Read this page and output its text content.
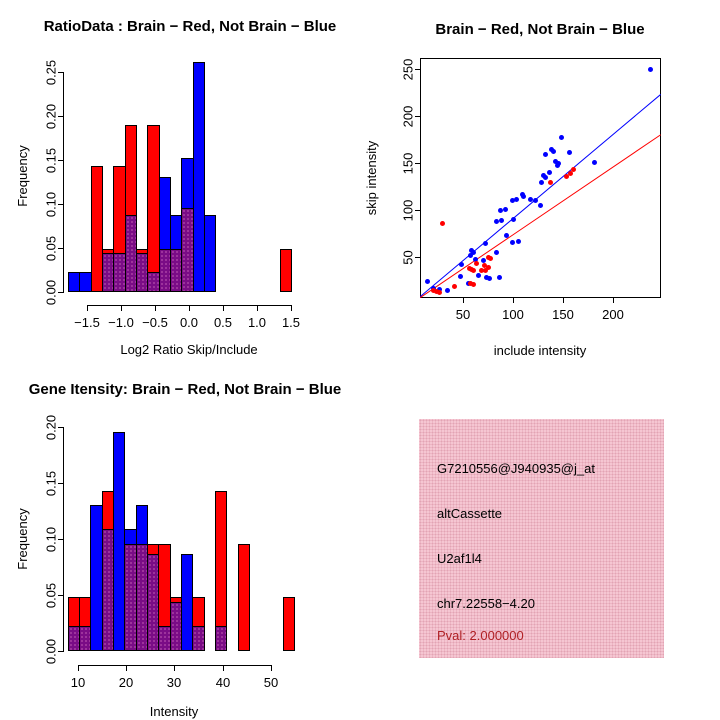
RatioData : Brain − Red, Not Brain − Blue	Brain − Red, Not Brain − Blue
Gene Itensity: Brain − Red, Not Brain − Blue
Log2 Ratio Skip/Include
Frequency
include intensity
skip intensity
Intensity
Frequency
G7210556@J940935@j_at
altCassette
U2af1l4
chr7.22558−4.20
Pval: 2.000000
−1.5 −1.0 −0.5 0.0	0.5	1.0	1.5
0.00
0.05
0.10
0.15
0.20
0.25
10	20	30	40	50
0.00
0.05
0.10
0.15
0.20
50	100	150	200
50
100
150
200
250
